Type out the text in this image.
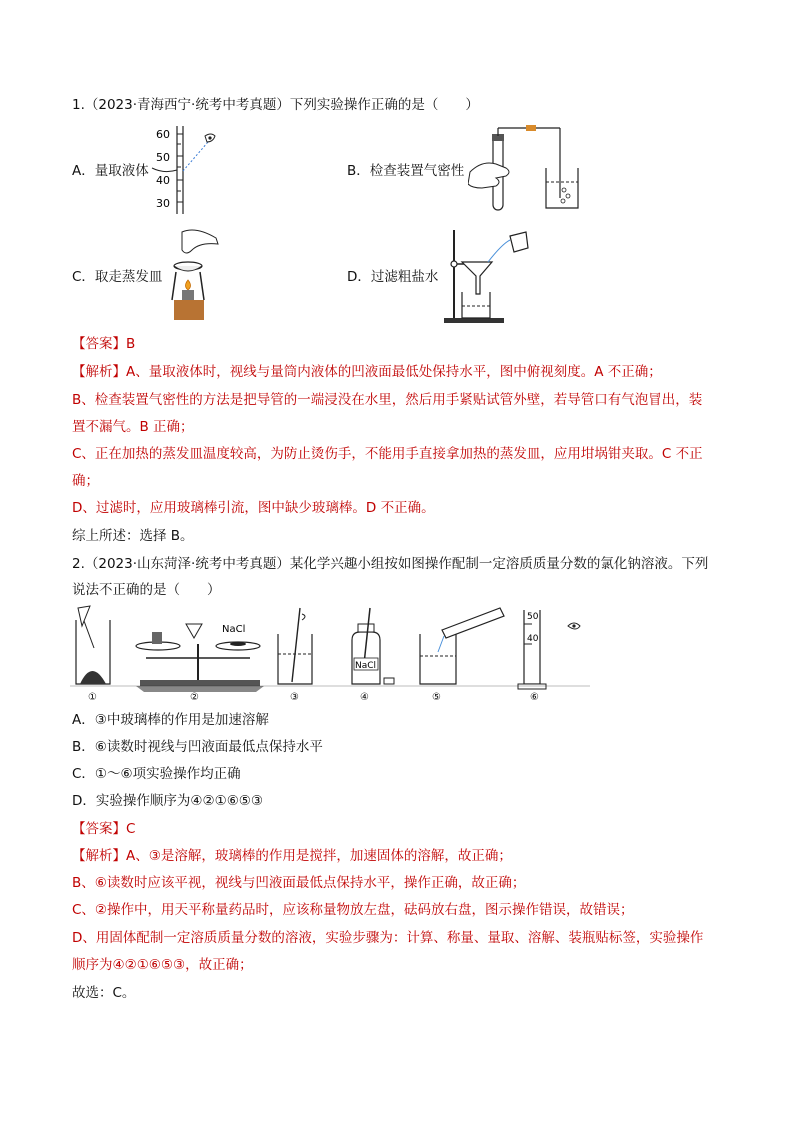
1.（2023·青海西宁·统考中考真题）下列实验操作正确的是（　　）
A．量取液体
60
50
40
30
B．检查装置气密性
C．取走蒸发皿	D．过滤粗盐水
【答案】B
【解析】A、量取液体时，视线与量筒内液体的凹液面最低处保持水平，图中俯视刻度。A 不正确；
B、检查装置气密性的方法是把导管的一端浸没在水里，然后用手紧贴试管外壁，若导管口有气泡冒出，装
置不漏气。B 正确；
C、正在加热的蒸发皿温度较高，为防止烫伤手，不能用手直接拿加热的蒸发皿，应用坩埚钳夹取。C 不正
确；
D、过滤时，应用玻璃棒引流，图中缺少玻璃棒。D 不正确。
综上所述：选择 B。
2.（2023·山东菏泽·统考中考真题）某化学兴趣小组按如图操作配制一定溶质质量分数的氯化钠溶液。下列
说法不正确的是（　　）
NaCl
NaCl
50
40
①	②	③	④	⑤	⑥
A．③中玻璃棒的作用是加速溶解
B．⑥读数时视线与凹液面最低点保持水平
C．①～⑥项实验操作均正确
D．实验操作顺序为④②①⑥⑤③
【答案】C
【解析】A、③是溶解，玻璃棒的作用是搅拌，加速固体的溶解，故正确；
B、⑥读数时应该平视，视线与凹液面最低点保持水平，操作正确，故正确；
C、②操作中，用天平称量药品时，应该称量物放左盘，砝码放右盘，图示操作错误，故错误；
D、用固体配制一定溶质质量分数的溶液，实验步骤为：计算、称量、量取、溶解、装瓶贴标签，实验操作
顺序为④②①⑥⑤③，故正确；
故选：C。
